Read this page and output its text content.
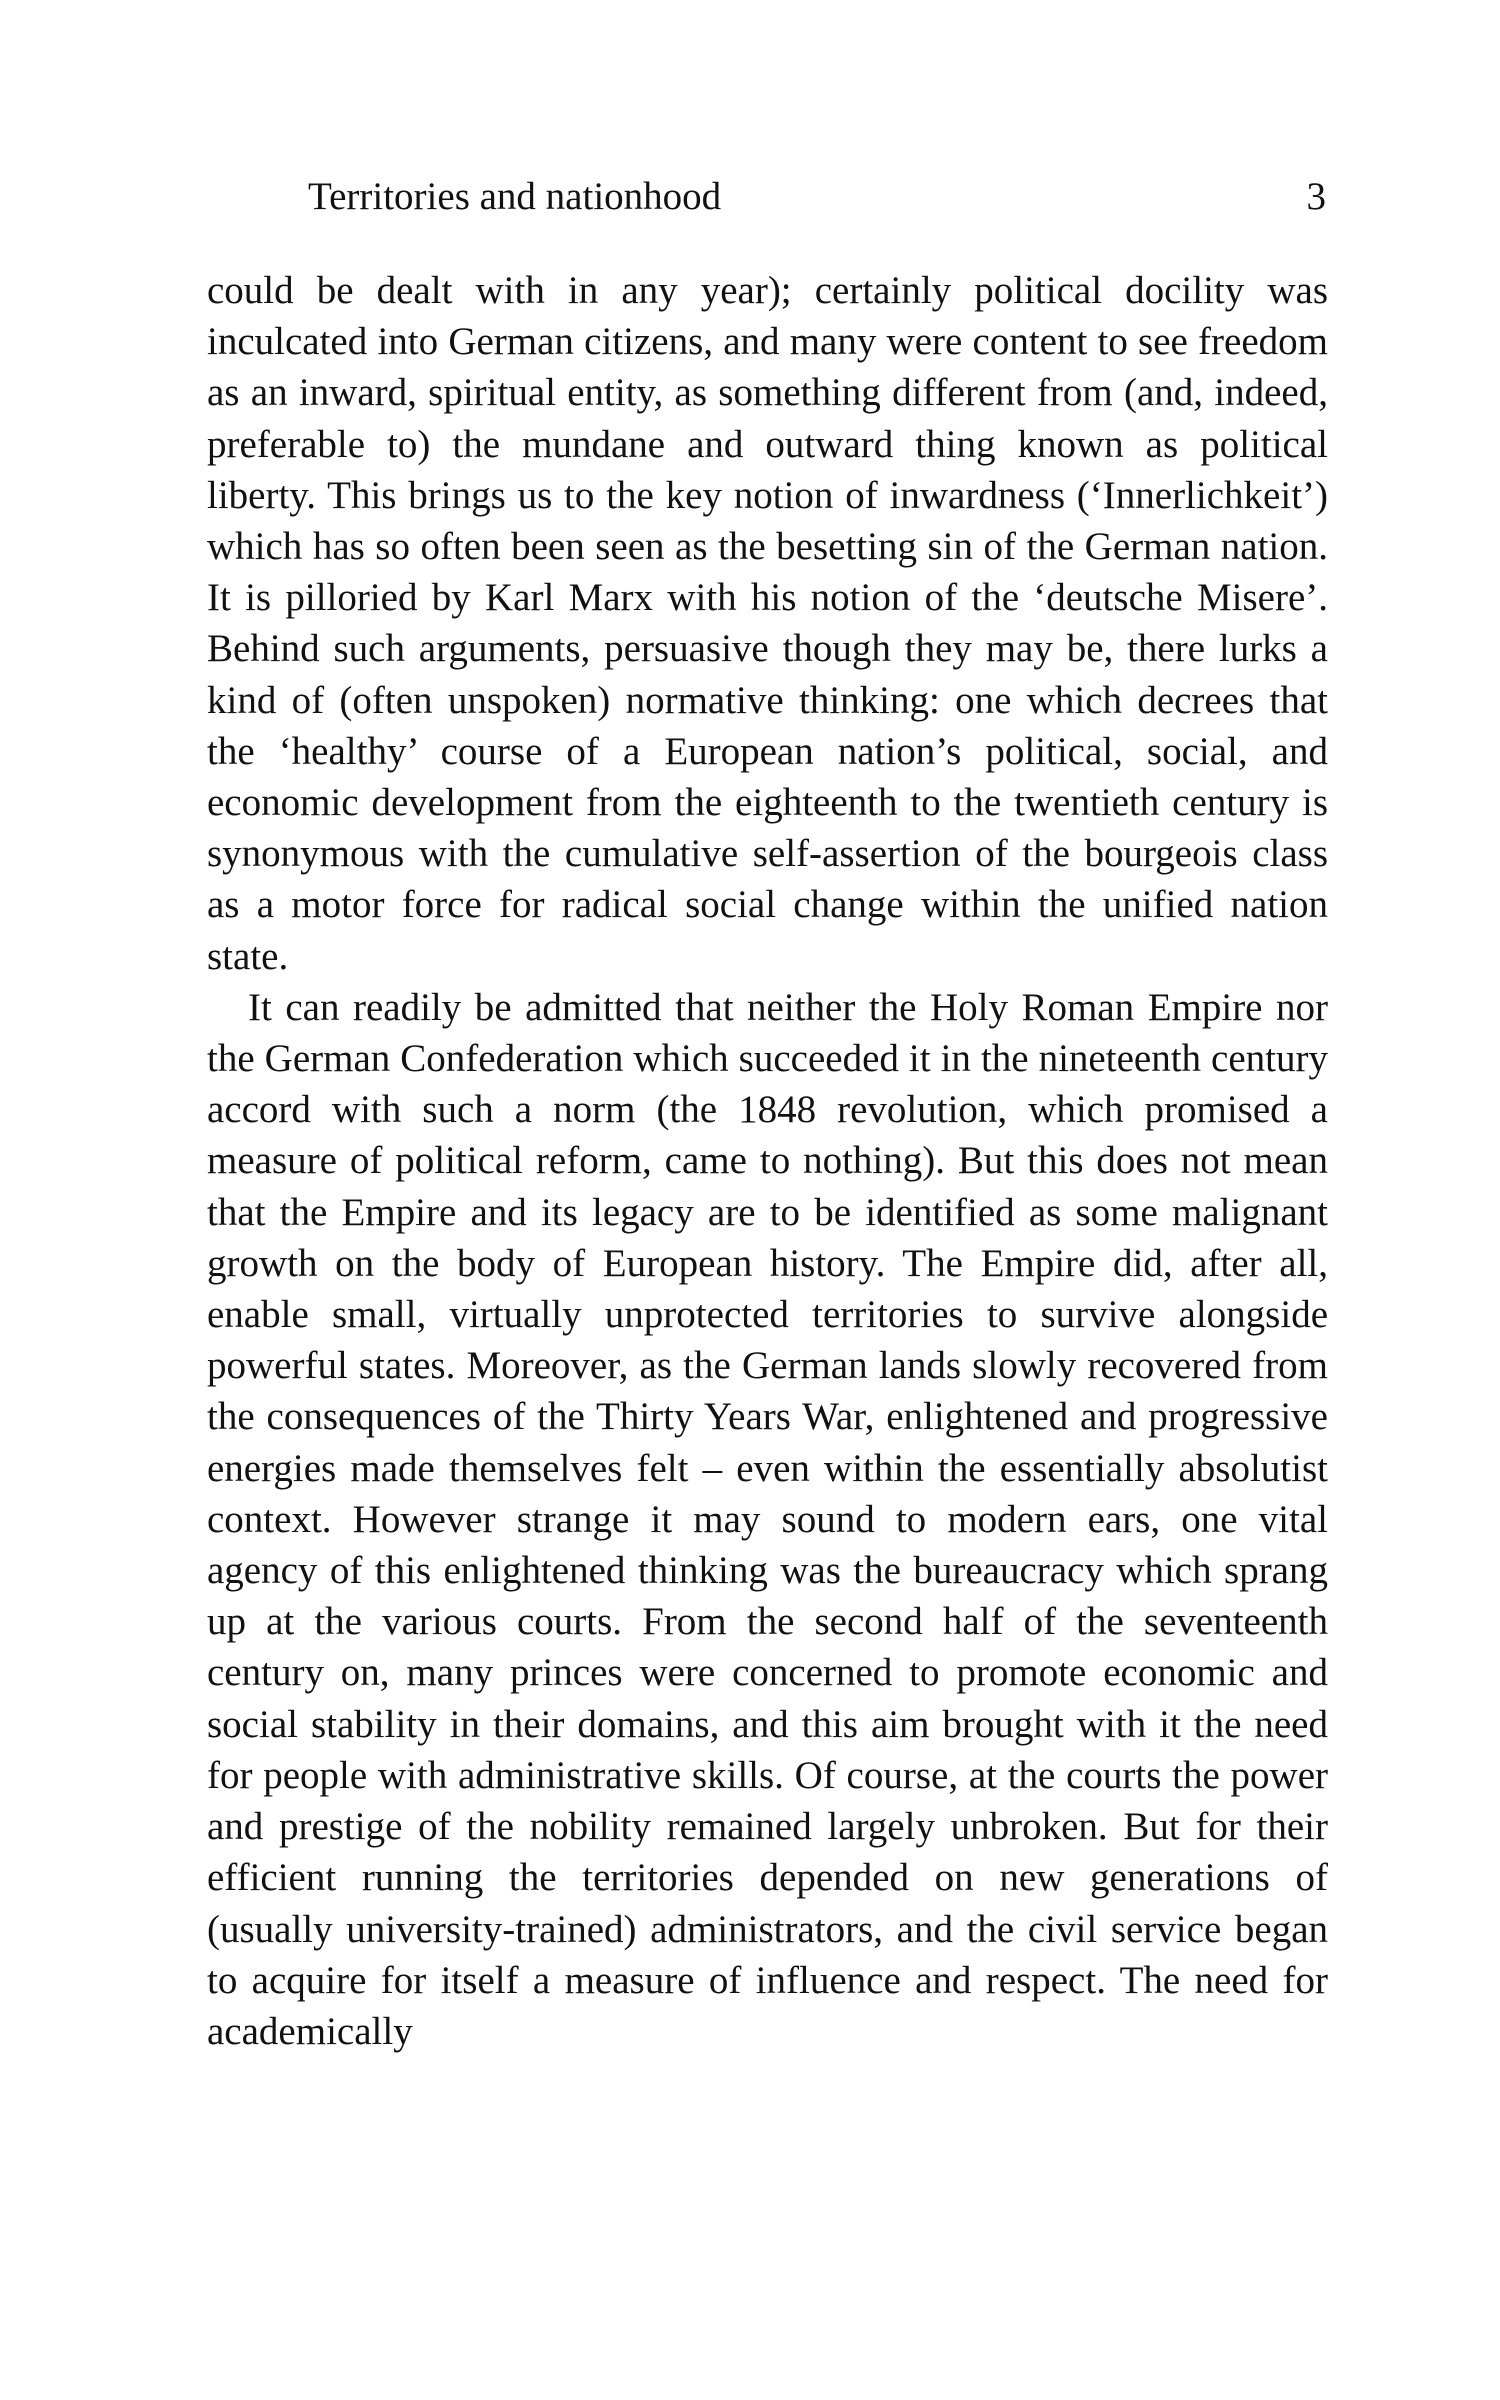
Territories and nationhood	3

could be dealt with in any year); certainly political docility was inculcated into German citizens, and many were content to see freedom as an inward, spiritual entity, as something different from (and, indeed, preferable to) the mundane and outward thing known as political liberty. This brings us to the key notion of inwardness (‘Innerlichkeit’) which has so often been seen as the besetting sin of the German nation. It is pilloried by Karl Marx with his notion of the ‘deutsche Misere’. Behind such arguments, persuasive though they may be, there lurks a kind of (often unspoken) normative thinking: one which decrees that the ‘healthy’ course of a European nation’s political, social, and economic development from the eighteenth to the twentieth century is synonymous with the cumulative self-assertion of the bourgeois class as a motor force for radical social change within the unified nation state.

It can readily be admitted that neither the Holy Roman Empire nor the German Confederation which succeeded it in the nineteenth century accord with such a norm (the 1848 revolution, which promised a measure of political reform, came to nothing). But this does not mean that the Empire and its legacy are to be identified as some malignant growth on the body of European history. The Empire did, after all, enable small, virtually unprotected territories to survive alongside powerful states. Moreover, as the German lands slowly recovered from the consequences of the Thirty Years War, enlightened and progressive energies made themselves felt – even within the essentially absolutist context. However strange it may sound to modern ears, one vital agency of this enlightened thinking was the bureaucracy which sprang up at the various courts. From the second half of the seventeenth century on, many princes were concerned to promote economic and social stability in their domains, and this aim brought with it the need for people with administrative skills. Of course, at the courts the power and prestige of the nobility remained largely unbroken. But for their efficient running the territories depended on new generations of (usually university-trained) administrators, and the civil service began to acquire for itself a measure of influence and respect. The need for academically
